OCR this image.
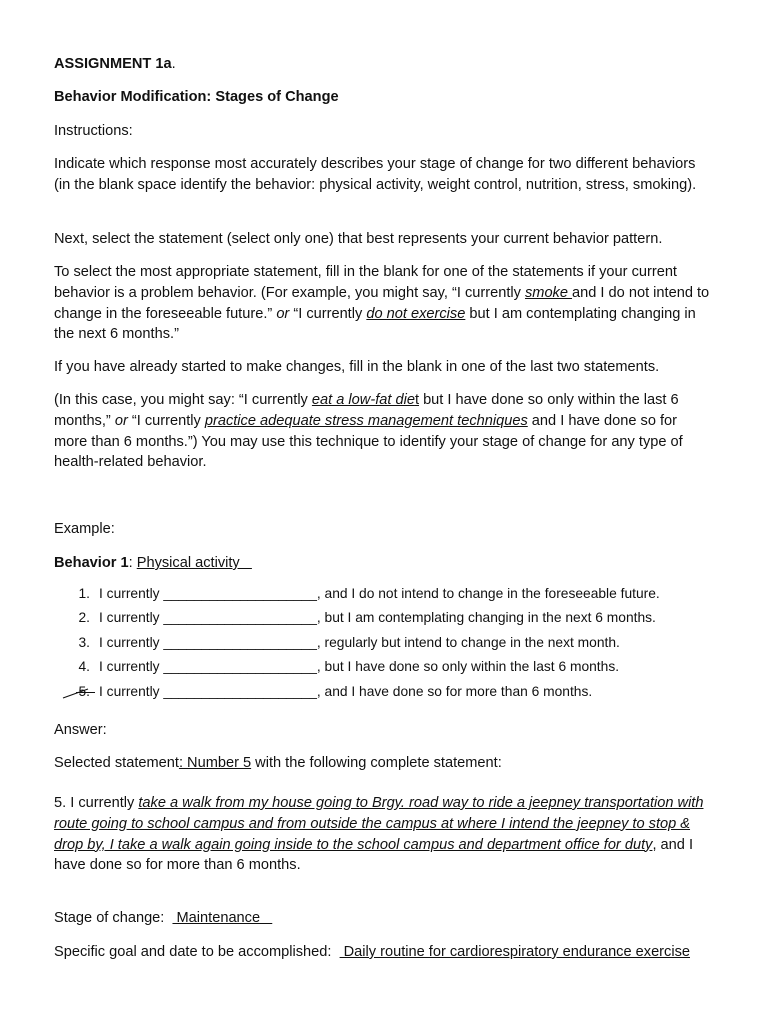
ASSIGNMENT 1a.
Behavior Modification: Stages of Change
Instructions:
Indicate which response most accurately describes your stage of change for two different behaviors (in the blank space identify the behavior: physical activity, weight control, nutrition, stress, smoking).
Next, select the statement (select only one) that best represents your current behavior pattern.
To select the most appropriate statement, fill in the blank for one of the statements if your current behavior is a problem behavior. (For example, you might say, “I currently smoke and I do not intend to change in the foreseeable future.” or “I currently do not exercise but I am contemplating changing in the next 6 months.”
If you have already started to make changes, fill in the blank in one of the last two statements.
(In this case, you might say: “I currently eat a low-fat diet but I have done so only within the last 6 months,” or “I currently practice adequate stress management techniques and I have done so for more than 6 months.”) You may use this technique to identify your stage of change for any type of health-related behavior.
Example:
Behavior 1: Physical activity
1. I currently ____________________, and I do not intend to change in the foreseeable future.
2. I currently ____________________, but I am contemplating changing in the next 6 months.
3. I currently ____________________, regularly but intend to change in the next month.
4. I currently ____________________, but I have done so only within the last 6 months.
5. I currently ____________________, and I have done so for more than 6 months.
Answer:
Selected statement: Number 5 with the following complete statement:
5. I currently take a walk from my house going to Brgy. road way to ride a jeepney transportation with route going to school campus and from outside the campus at where I intend the jeepney to stop & drop by, I take a walk again going inside to the school campus and department office for duty, and I have done so for more than 6 months.
Stage of change:   Maintenance
Specific goal and date to be accomplished:   Daily routine for cardiorespiratory endurance exercise
